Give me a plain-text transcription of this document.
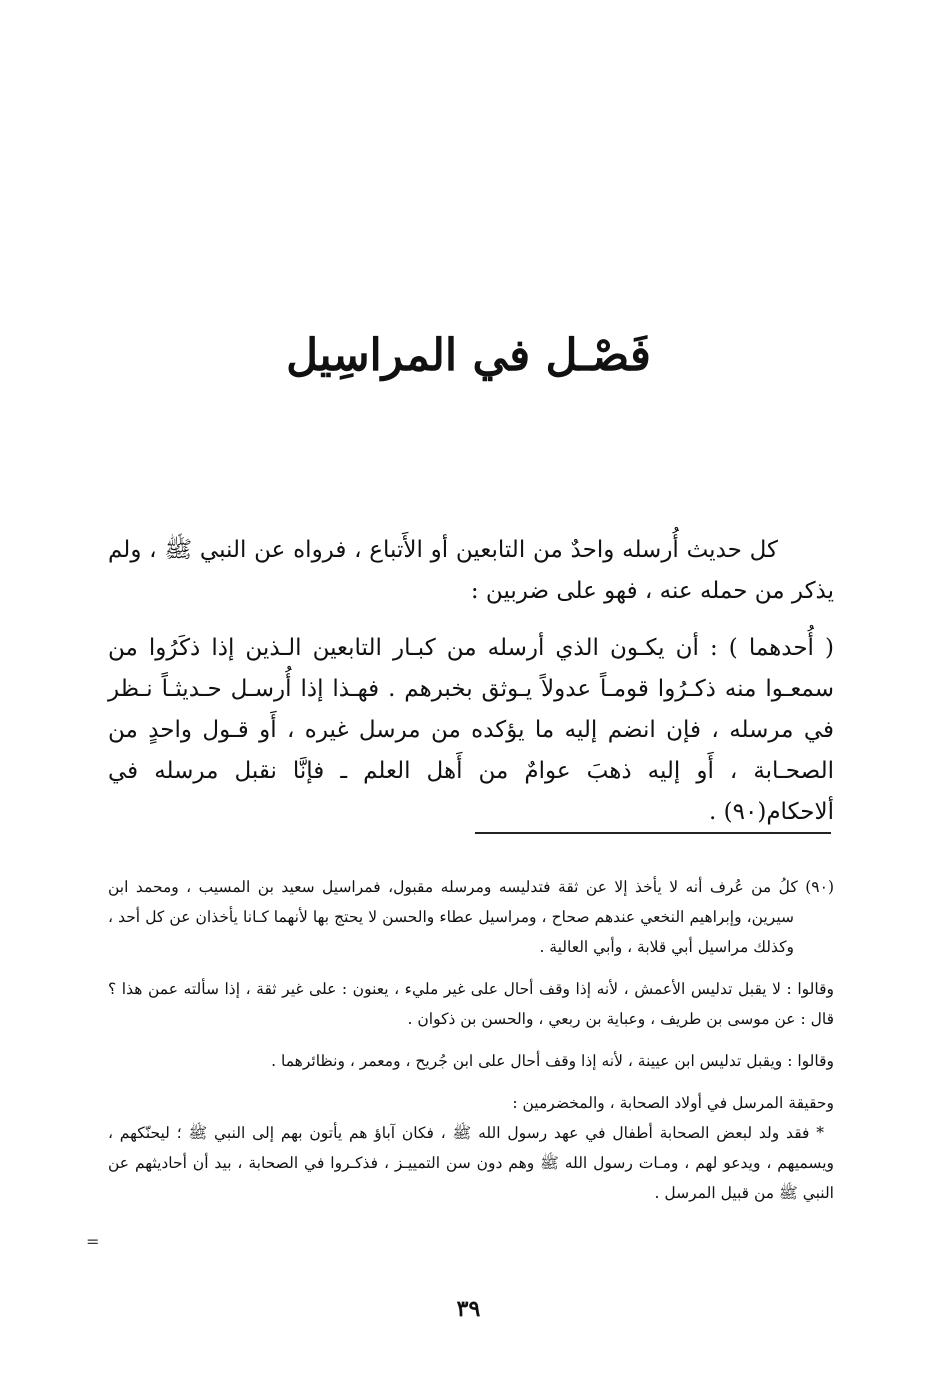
فَصْـل في المراسِيل

كل حديث أُرسله واحدٌ من التابعين أو الأَتباع ، فرواه عن النبي ﷺ ، ولم يذكر من حمله عنه ، فهو على ضربين :

( أُحدهما ) : أن يكـون الذي أرسله من كبـار التابعين الـذين إذا ذكَرُوا من سمعـوا منه ذكـرُوا قومـاً عدولاً يـوثق بخبرهم . فهـذا إذا أُرسـل حـديثـاً نـظر في مرسله ، فإن انضم إليه ما يؤكده من مرسل غيره ، أَو قـول واحدٍ من الصحـابة ، أَو إليه ذهبَ عوامٌ من أَهل العلم ـ فإنَّا نقبل مرسله في ألاحكام(٩٠) .

(٩٠) كلُ من عُرف أنه لا يأخذ إلا عن ثقة فتدليسه ومرسله مقبول، فمراسيل سعيد بن المسيب ، ومحمد ابن سيرين، وإبراهيم النخعي عندهم صحاح ، ومراسيل عطاء والحسن لا يحتج بها لأنهما كـانا يأخذان عن كل أحد ، وكذلك مراسيل أبي قلابة ، وأبي العالية .

وقالوا : لا يقبل تدليس الأعمش ، لأنه إذا وقف أحال على غير مليء ، يعنون : على غير ثقة ، إذا سألته عمن هذا ؟ قال : عن موسى بن طريف ، وعباية بن ربعي ، والحسن بن ذكوان .

وقالوا : ويقبل تدليس ابن عيينة ، لأنه إذا وقف أحال على ابن جُريح ، ومعمر ، ونظائرهما .

وحقيقة المرسل في أولاد الصحابة ، والمخضرمين :

* فقد ولد لبعض الصحابة أطفال في عهد رسول الله ﷺ ، فكان آباؤ هم يأتون بهم إلى النبي ﷺ ؛ ليحنّكهم ، ويسميهم ، ويدعو لهم ، ومـات رسول الله ﷺ وهم دون سن التمييـز ، فذكـروا في الصحابة ، بيد أن أحاديثهم عن النبي ﷺ من قبيل المرسل .

=
٣٩
